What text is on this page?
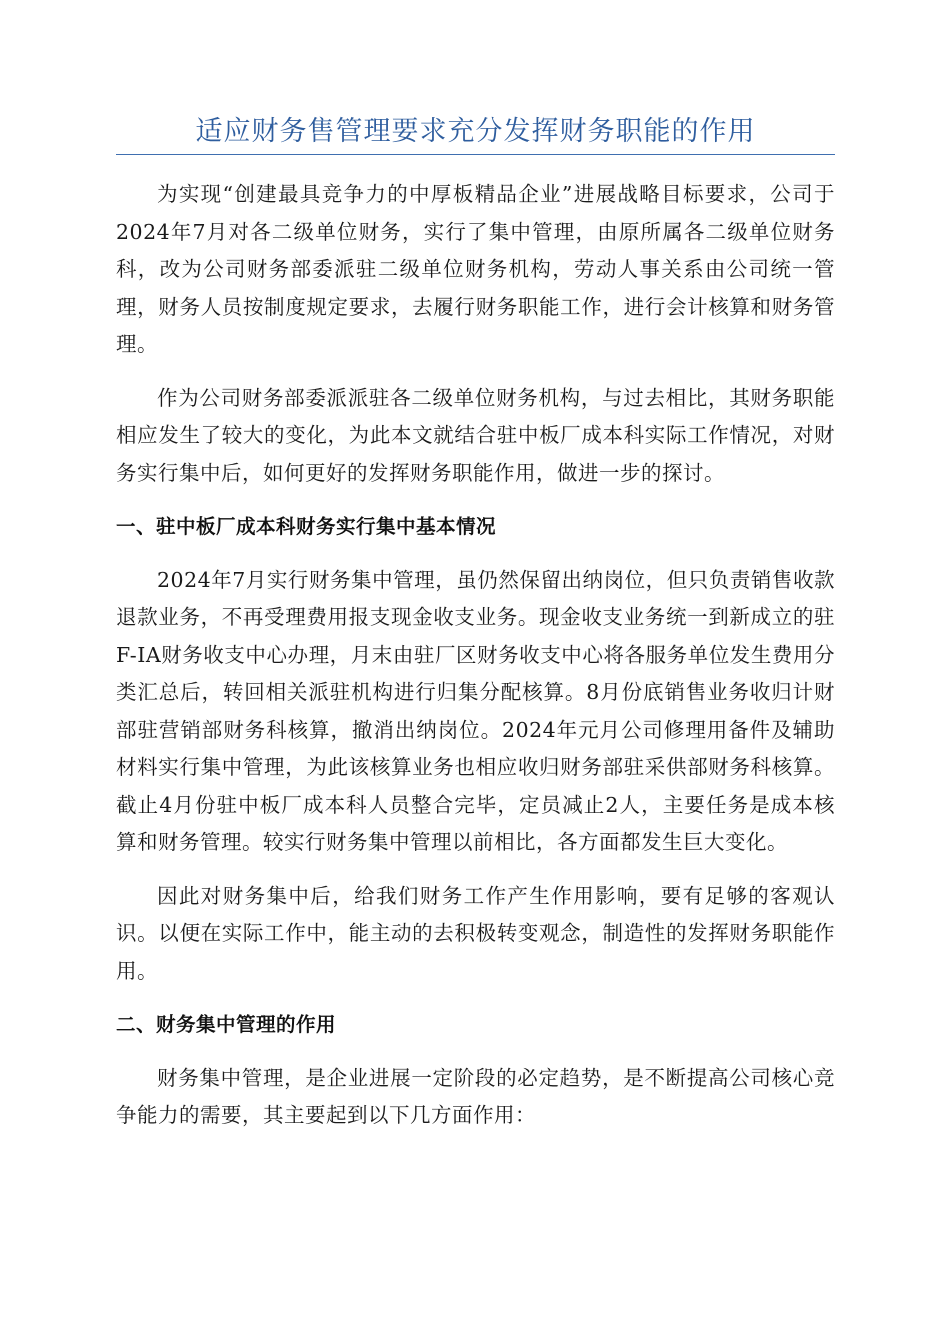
适应财务售管理要求充分发挥财务职能的作用

为实现“创建最具竞争力的中厚板精品企业”进展战略目标要求，公司于2024年7月对各二级单位财务，实行了集中管理，由原所属各二级单位财务科，改为公司财务部委派驻二级单位财务机构，劳动人事关系由公司统一管理，财务人员按制度规定要求，去履行财务职能工作，进行会计核算和财务管理。

作为公司财务部委派派驻各二级单位财务机构，与过去相比，其财务职能相应发生了较大的变化，为此本文就结合驻中板厂成本科实际工作情况，对财务实行集中后，如何更好的发挥财务职能作用，做进一步的探讨。

一、驻中板厂成本科财务实行集中基本情况

2024年7月实行财务集中管理，虽仍然保留出纳岗位，但只负责销售收款退款业务，不再受理费用报支现金收支业务。现金收支业务统一到新成立的驻F-IA财务收支中心办理，月末由驻厂区财务收支中心将各服务单位发生费用分类汇总后，转回相关派驻机构进行归集分配核算。8月份底销售业务收归计财部驻营销部财务科核算，撤消出纳岗位。2024年元月公司修理用备件及辅助材料实行集中管理，为此该核算业务也相应收归财务部驻采供部财务科核算。截止4月份驻中板厂成本科人员整合完毕，定员减止2人，主要任务是成本核算和财务管理。较实行财务集中管理以前相比，各方面都发生巨大变化。

因此对财务集中后，给我们财务工作产生作用影响，要有足够的客观认识。以便在实际工作中，能主动的去积极转变观念，制造性的发挥财务职能作用。

二、财务集中管理的作用

财务集中管理，是企业进展一定阶段的必定趋势，是不断提高公司核心竞争能力的需要，其主要起到以下几方面作用：
